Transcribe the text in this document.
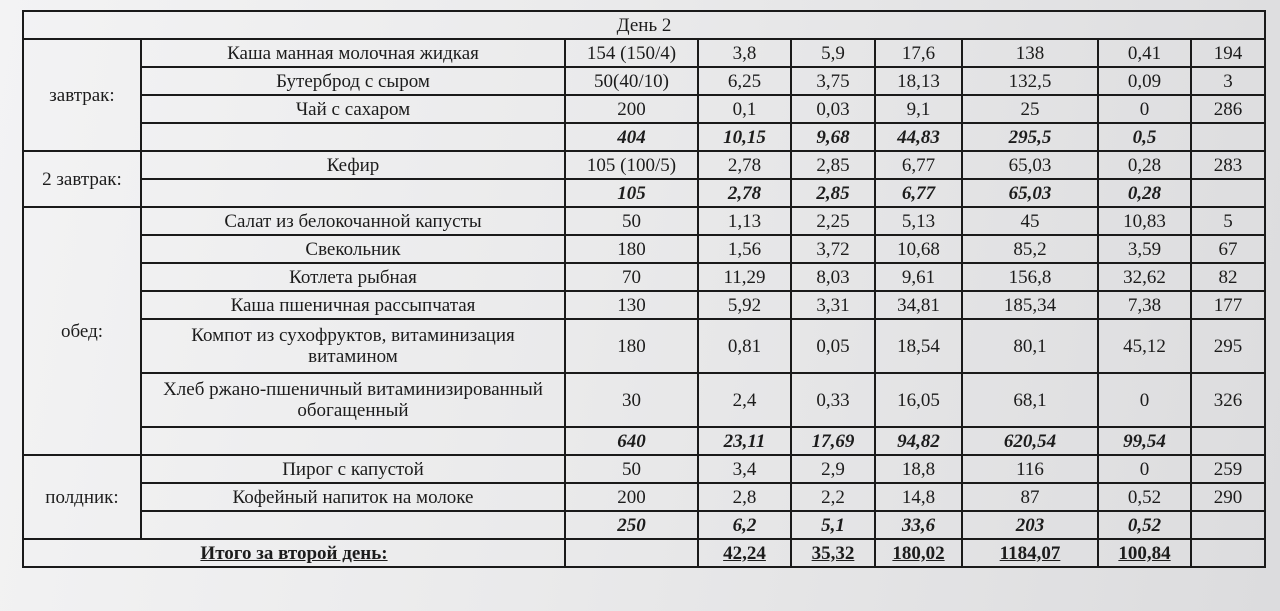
День 2								
завтрак:	Каша манная молочная жидкая	154 (150/4)	3,8	5,9	17,6	138	0,41	194
	Бутерброд с сыром	50(40/10)	6,25	3,75	18,13	132,5	0,09	3
	Чай с сахаром	200	0,1	0,03	9,1	25	0	286
		404	10,15	9,68	44,83	295,5	0,5	
2 завтрак:	Кефир	105 (100/5)	2,78	2,85	6,77	65,03	0,28	283
		105	2,78	2,85	6,77	65,03	0,28	
обед:	Салат из белокочанной капусты	50	1,13	2,25	5,13	45	10,83	5
	Свекольник	180	1,56	3,72	10,68	85,2	3,59	67
	Котлета рыбная	70	11,29	8,03	9,61	156,8	32,62	82
	Каша пшеничная рассыпчатая	130	5,92	3,31	34,81	185,34	7,38	177
	Компот из сухофруктов, витаминизация витамином	180	0,81	0,05	18,54	80,1	45,12	295
	Хлеб ржано-пшеничный витаминизированный обогащенный	30	2,4	0,33	16,05	68,1	0	326
		640	23,11	17,69	94,82	620,54	99,54	
полдник:	Пирог с капустой	50	3,4	2,9	18,8	116	0	259
	Кофейный напиток на молоке	200	2,8	2,2	14,8	87	0,52	290
		250	6,2	5,1	33,6	203	0,52	
Итого за второй день:			42,24	35,32	180,02	1184,07	100,84	
